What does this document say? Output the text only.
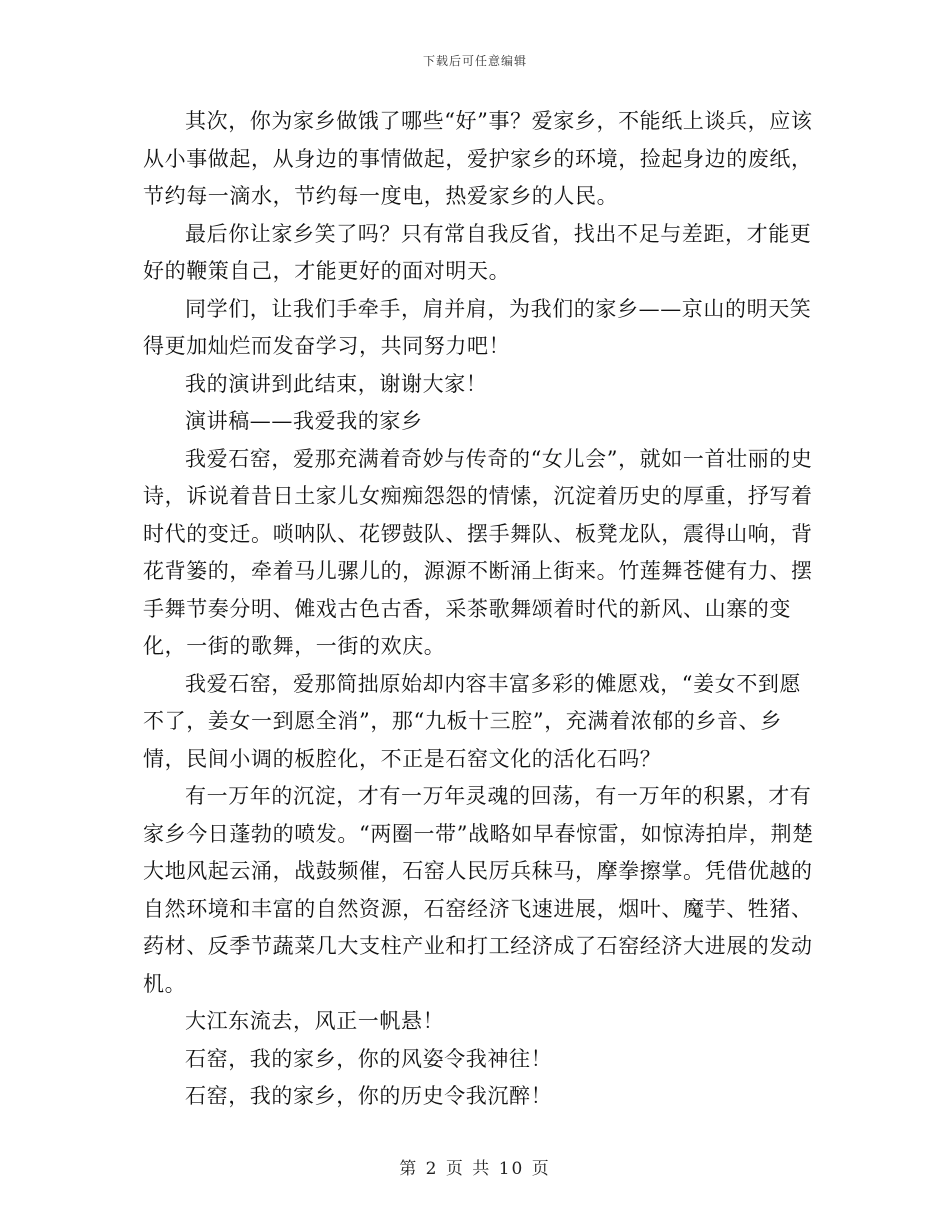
下载后可任意编辑

其次，你为家乡做饿了哪些“好”事？爱家乡，不能纸上谈兵，应该从小事做起，从身边的事情做起，爱护家乡的环境，捡起身边的废纸，节约每一滴水，节约每一度电，热爱家乡的人民。

最后你让家乡笑了吗？只有常自我反省，找出不足与差距，才能更好的鞭策自己，才能更好的面对明天。

同学们，让我们手牵手，肩并肩，为我们的家乡——京山的明天笑得更加灿烂而发奋学习，共同努力吧！

我的演讲到此结束，谢谢大家！

演讲稿——我爱我的家乡

我爱石窑，爱那充满着奇妙与传奇的“女儿会”，就如一首壮丽的史诗，诉说着昔日土家儿女痴痴怨怨的情愫，沉淀着历史的厚重，抒写着时代的变迁。唢呐队、花锣鼓队、摆手舞队、板凳龙队，震得山响，背花背篓的，牵着马儿骡儿的，源源不断涌上街来。竹莲舞苍健有力、摆手舞节奏分明、傩戏古色古香，采茶歌舞颂着时代的新风、山寨的变化，一街的歌舞，一街的欢庆。

我爱石窑，爱那简拙原始却内容丰富多彩的傩愿戏，“姜女不到愿不了，姜女一到愿全消”，那“九板十三腔”，充满着浓郁的乡音、乡情，民间小调的板腔化，不正是石窑文化的活化石吗？

有一万年的沉淀，才有一万年灵魂的回荡，有一万年的积累，才有家乡今日蓬勃的喷发。“两圈一带”战略如早春惊雷，如惊涛拍岸，荆楚大地风起云涌，战鼓频催，石窑人民厉兵秣马，摩拳擦掌。凭借优越的自然环境和丰富的自然资源，石窑经济飞速进展，烟叶、魔芋、牲猪、药材、反季节蔬菜几大支柱产业和打工经济成了石窑经济大进展的发动机。

大江东流去，风正一帆悬！

石窑，我的家乡，你的风姿令我神往！

石窑，我的家乡，你的历史令我沉醉！

第 2 页 共 10 页
